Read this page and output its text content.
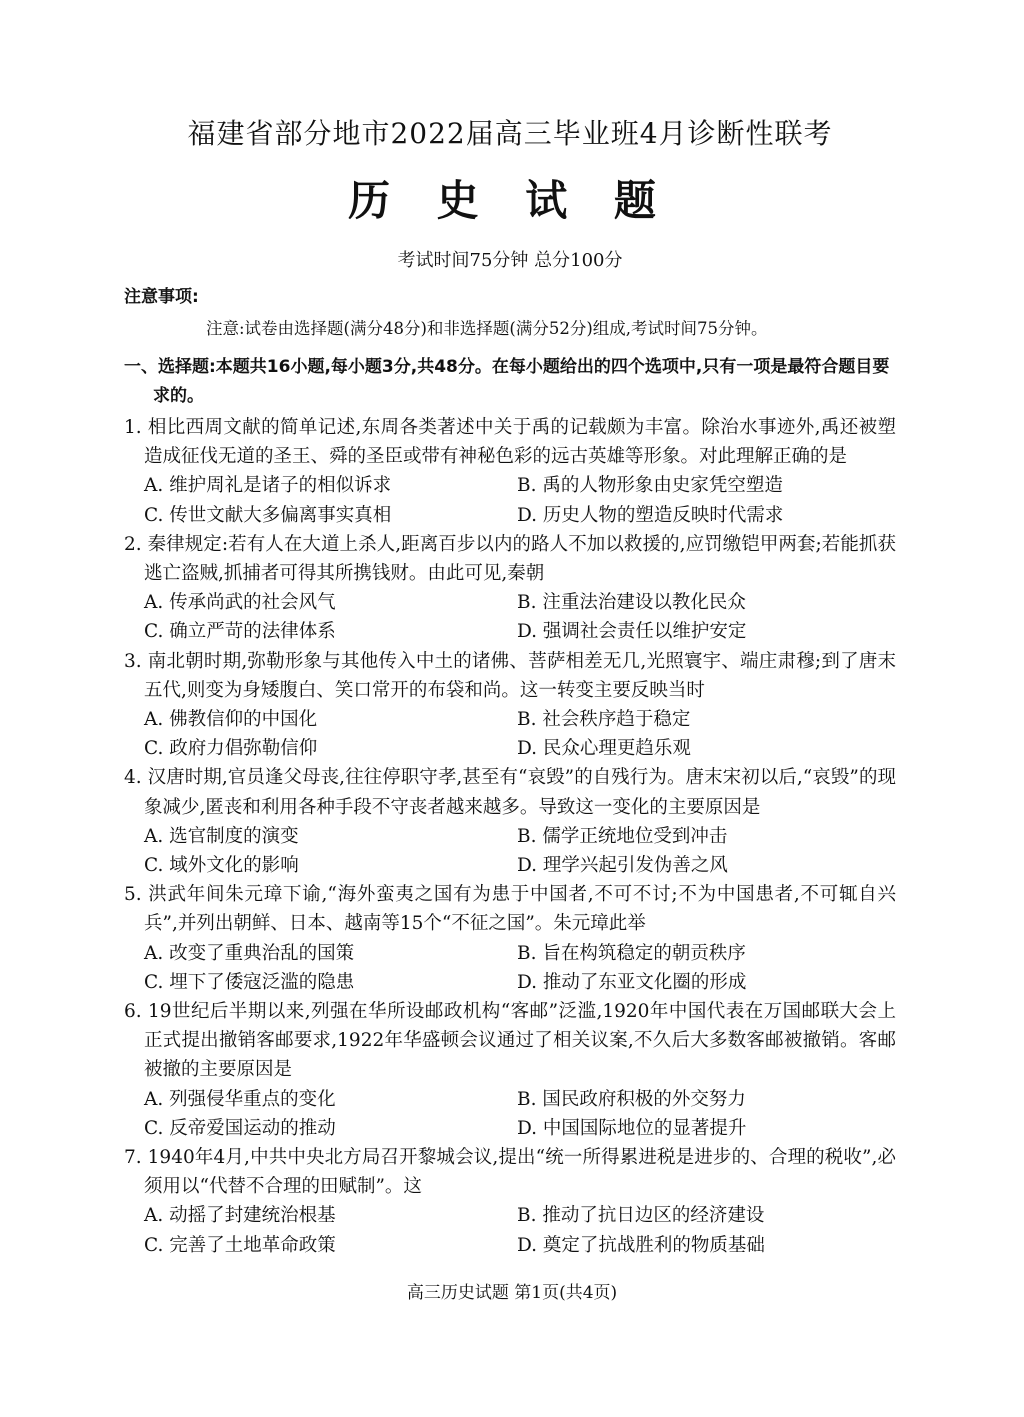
福建省部分地市2022届高三毕业班4月诊断性联考
历 史 试 题
考试时间75分钟 总分100分
注意事项:
注意:试卷由选择题(满分48分)和非选择题(满分52分)组成,考试时间75分钟。
一、选择题:本题共16小题,每小题3分,共48分。在每小题给出的四个选项中,只有一项是最符合题目要求的。
1. 相比西周文献的简单记述,东周各类著述中关于禹的记载颇为丰富。除治水事迹外,禹还被塑造成征伐无道的圣王、舜的圣臣或带有神秘色彩的远古英雄等形象。对此理解正确的是
A. 维护周礼是诸子的相似诉求	B. 禹的人物形象由史家凭空塑造
C. 传世文献大多偏离事实真相	D. 历史人物的塑造反映时代需求
2. 秦律规定:若有人在大道上杀人,距离百步以内的路人不加以救援的,应罚缴铠甲两套;若能抓获逃亡盗贼,抓捕者可得其所携钱财。由此可见,秦朝
A. 传承尚武的社会风气	B. 注重法治建设以教化民众
C. 确立严苛的法律体系	D. 强调社会责任以维护安定
3. 南北朝时期,弥勒形象与其他传入中土的诸佛、菩萨相差无几,光照寰宇、端庄肃穆;到了唐末五代,则变为身矮腹白、笑口常开的布袋和尚。这一转变主要反映当时
A. 佛教信仰的中国化	B. 社会秩序趋于稳定
C. 政府力倡弥勒信仰	D. 民众心理更趋乐观
4. 汉唐时期,官员逢父母丧,往往停职守孝,甚至有“哀毁”的自残行为。唐末宋初以后,“哀毁”的现象减少,匿丧和利用各种手段不守丧者越来越多。导致这一变化的主要原因是
A. 选官制度的演变	B. 儒学正统地位受到冲击
C. 域外文化的影响	D. 理学兴起引发伪善之风
5. 洪武年间朱元璋下谕,“海外蛮夷之国有为患于中国者,不可不讨;不为中国患者,不可辄自兴兵”,并列出朝鲜、日本、越南等15个“不征之国”。朱元璋此举
A. 改变了重典治乱的国策	B. 旨在构筑稳定的朝贡秩序
C. 埋下了倭寇泛滥的隐患	D. 推动了东亚文化圈的形成
6. 19世纪后半期以来,列强在华所设邮政机构“客邮”泛滥,1920年中国代表在万国邮联大会上正式提出撤销客邮要求,1922年华盛顿会议通过了相关议案,不久后大多数客邮被撤销。客邮被撤的主要原因是
A. 列强侵华重点的变化	B. 国民政府积极的外交努力
C. 反帝爱国运动的推动	D. 中国国际地位的显著提升
7. 1940年4月,中共中央北方局召开黎城会议,提出“统一所得累进税是进步的、合理的税收”,必须用以“代替不合理的田赋制”。这
A. 动摇了封建统治根基	B. 推动了抗日边区的经济建设
C. 完善了土地革命政策	D. 奠定了抗战胜利的物质基础
高三历史试题 第1页(共4页)
